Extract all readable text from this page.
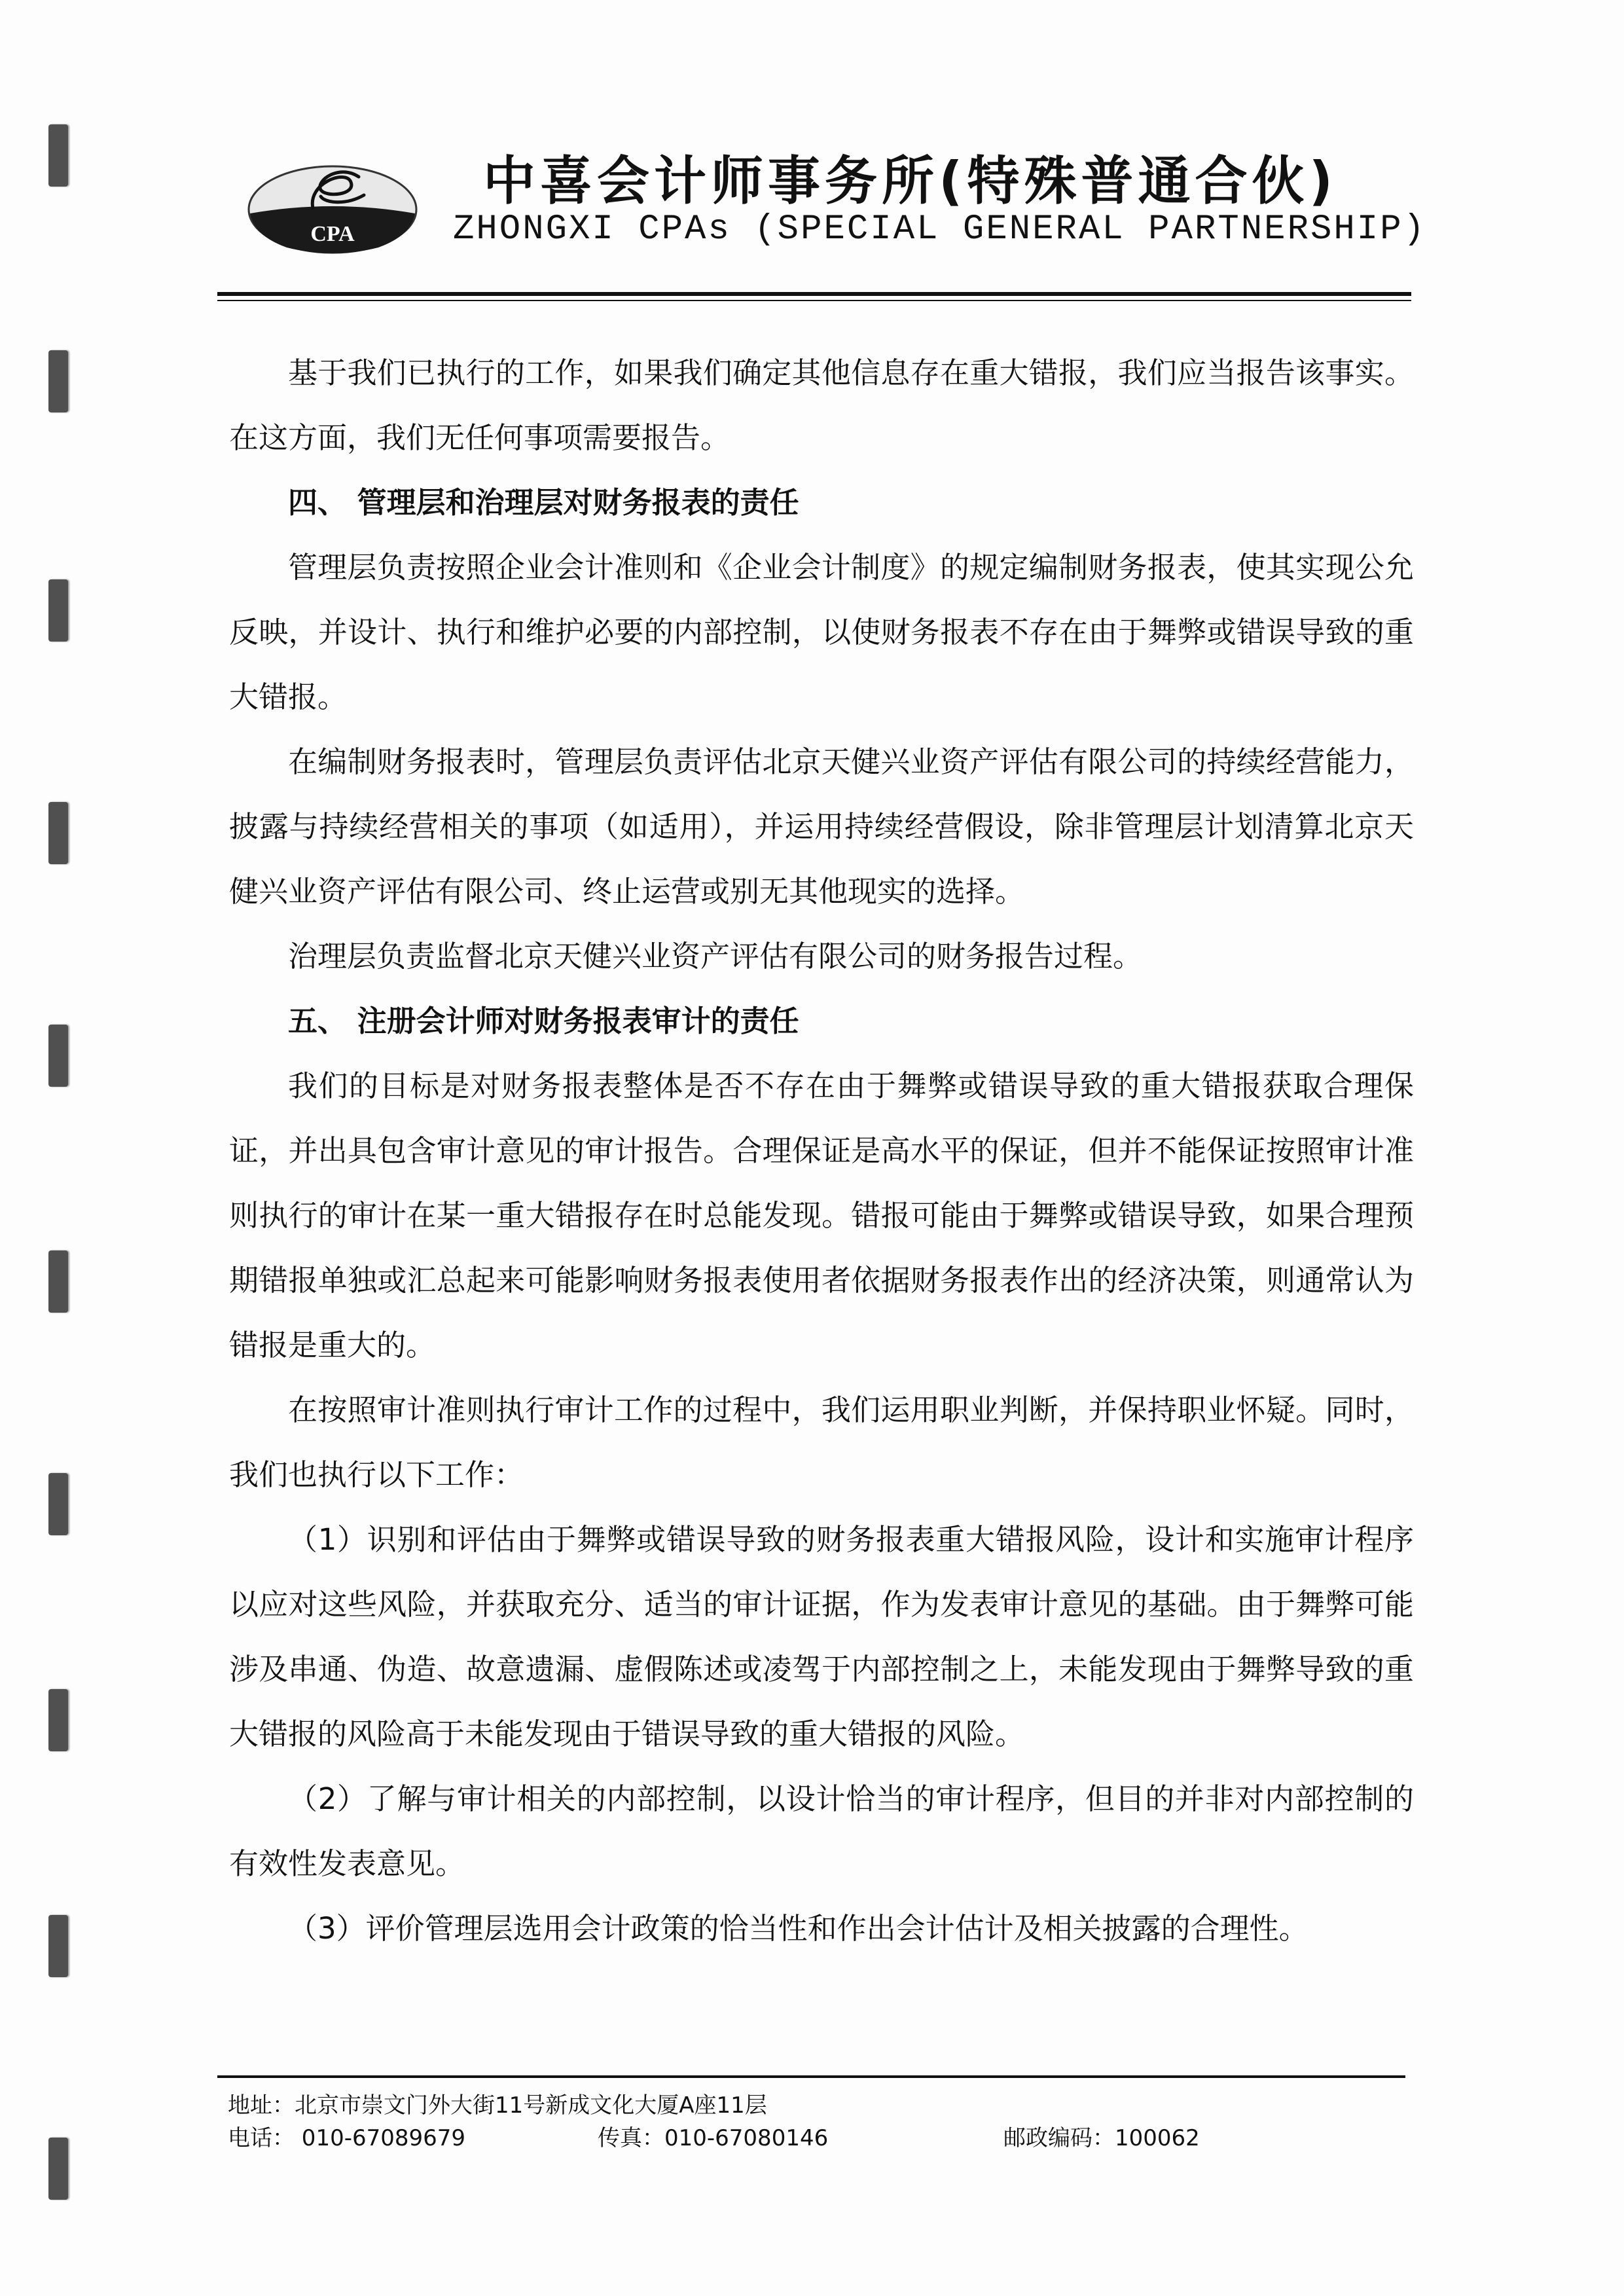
CPA
中喜会计师事务所(特殊普通合伙)
ZHONGXI CPAs (SPECIAL GENERAL PARTNERSHIP)

基于我们已执行的工作，如果我们确定其他信息存在重大错报，我们应当报告该事实。在这方面，我们无任何事项需要报告。

四、 管理层和治理层对财务报表的责任

管理层负责按照企业会计准则和《企业会计制度》的规定编制财务报表，使其实现公允反映，并设计、执行和维护必要的内部控制，以使财务报表不存在由于舞弊或错误导致的重大错报。

在编制财务报表时，管理层负责评估北京天健兴业资产评估有限公司的持续经营能力，披露与持续经营相关的事项（如适用），并运用持续经营假设，除非管理层计划清算北京天健兴业资产评估有限公司、终止运营或别无其他现实的选择。

治理层负责监督北京天健兴业资产评估有限公司的财务报告过程。

五、 注册会计师对财务报表审计的责任

我们的目标是对财务报表整体是否不存在由于舞弊或错误导致的重大错报获取合理保证，并出具包含审计意见的审计报告。合理保证是高水平的保证，但并不能保证按照审计准则执行的审计在某一重大错报存在时总能发现。错报可能由于舞弊或错误导致，如果合理预期错报单独或汇总起来可能影响财务报表使用者依据财务报表作出的经济决策，则通常认为错报是重大的。

在按照审计准则执行审计工作的过程中，我们运用职业判断，并保持职业怀疑。同时，我们也执行以下工作：

（1）识别和评估由于舞弊或错误导致的财务报表重大错报风险，设计和实施审计程序以应对这些风险，并获取充分、适当的审计证据，作为发表审计意见的基础。由于舞弊可能涉及串通、伪造、故意遗漏、虚假陈述或凌驾于内部控制之上，未能发现由于舞弊导致的重大错报的风险高于未能发现由于错误导致的重大错报的风险。

（2）了解与审计相关的内部控制，以设计恰当的审计程序，但目的并非对内部控制的有效性发表意见。

（3）评价管理层选用会计政策的恰当性和作出会计估计及相关披露的合理性。

地址：北京市崇文门外大街11号新成文化大厦A座11层
电话： 010-67089679	传真：010-67080146	邮政编码：100062
